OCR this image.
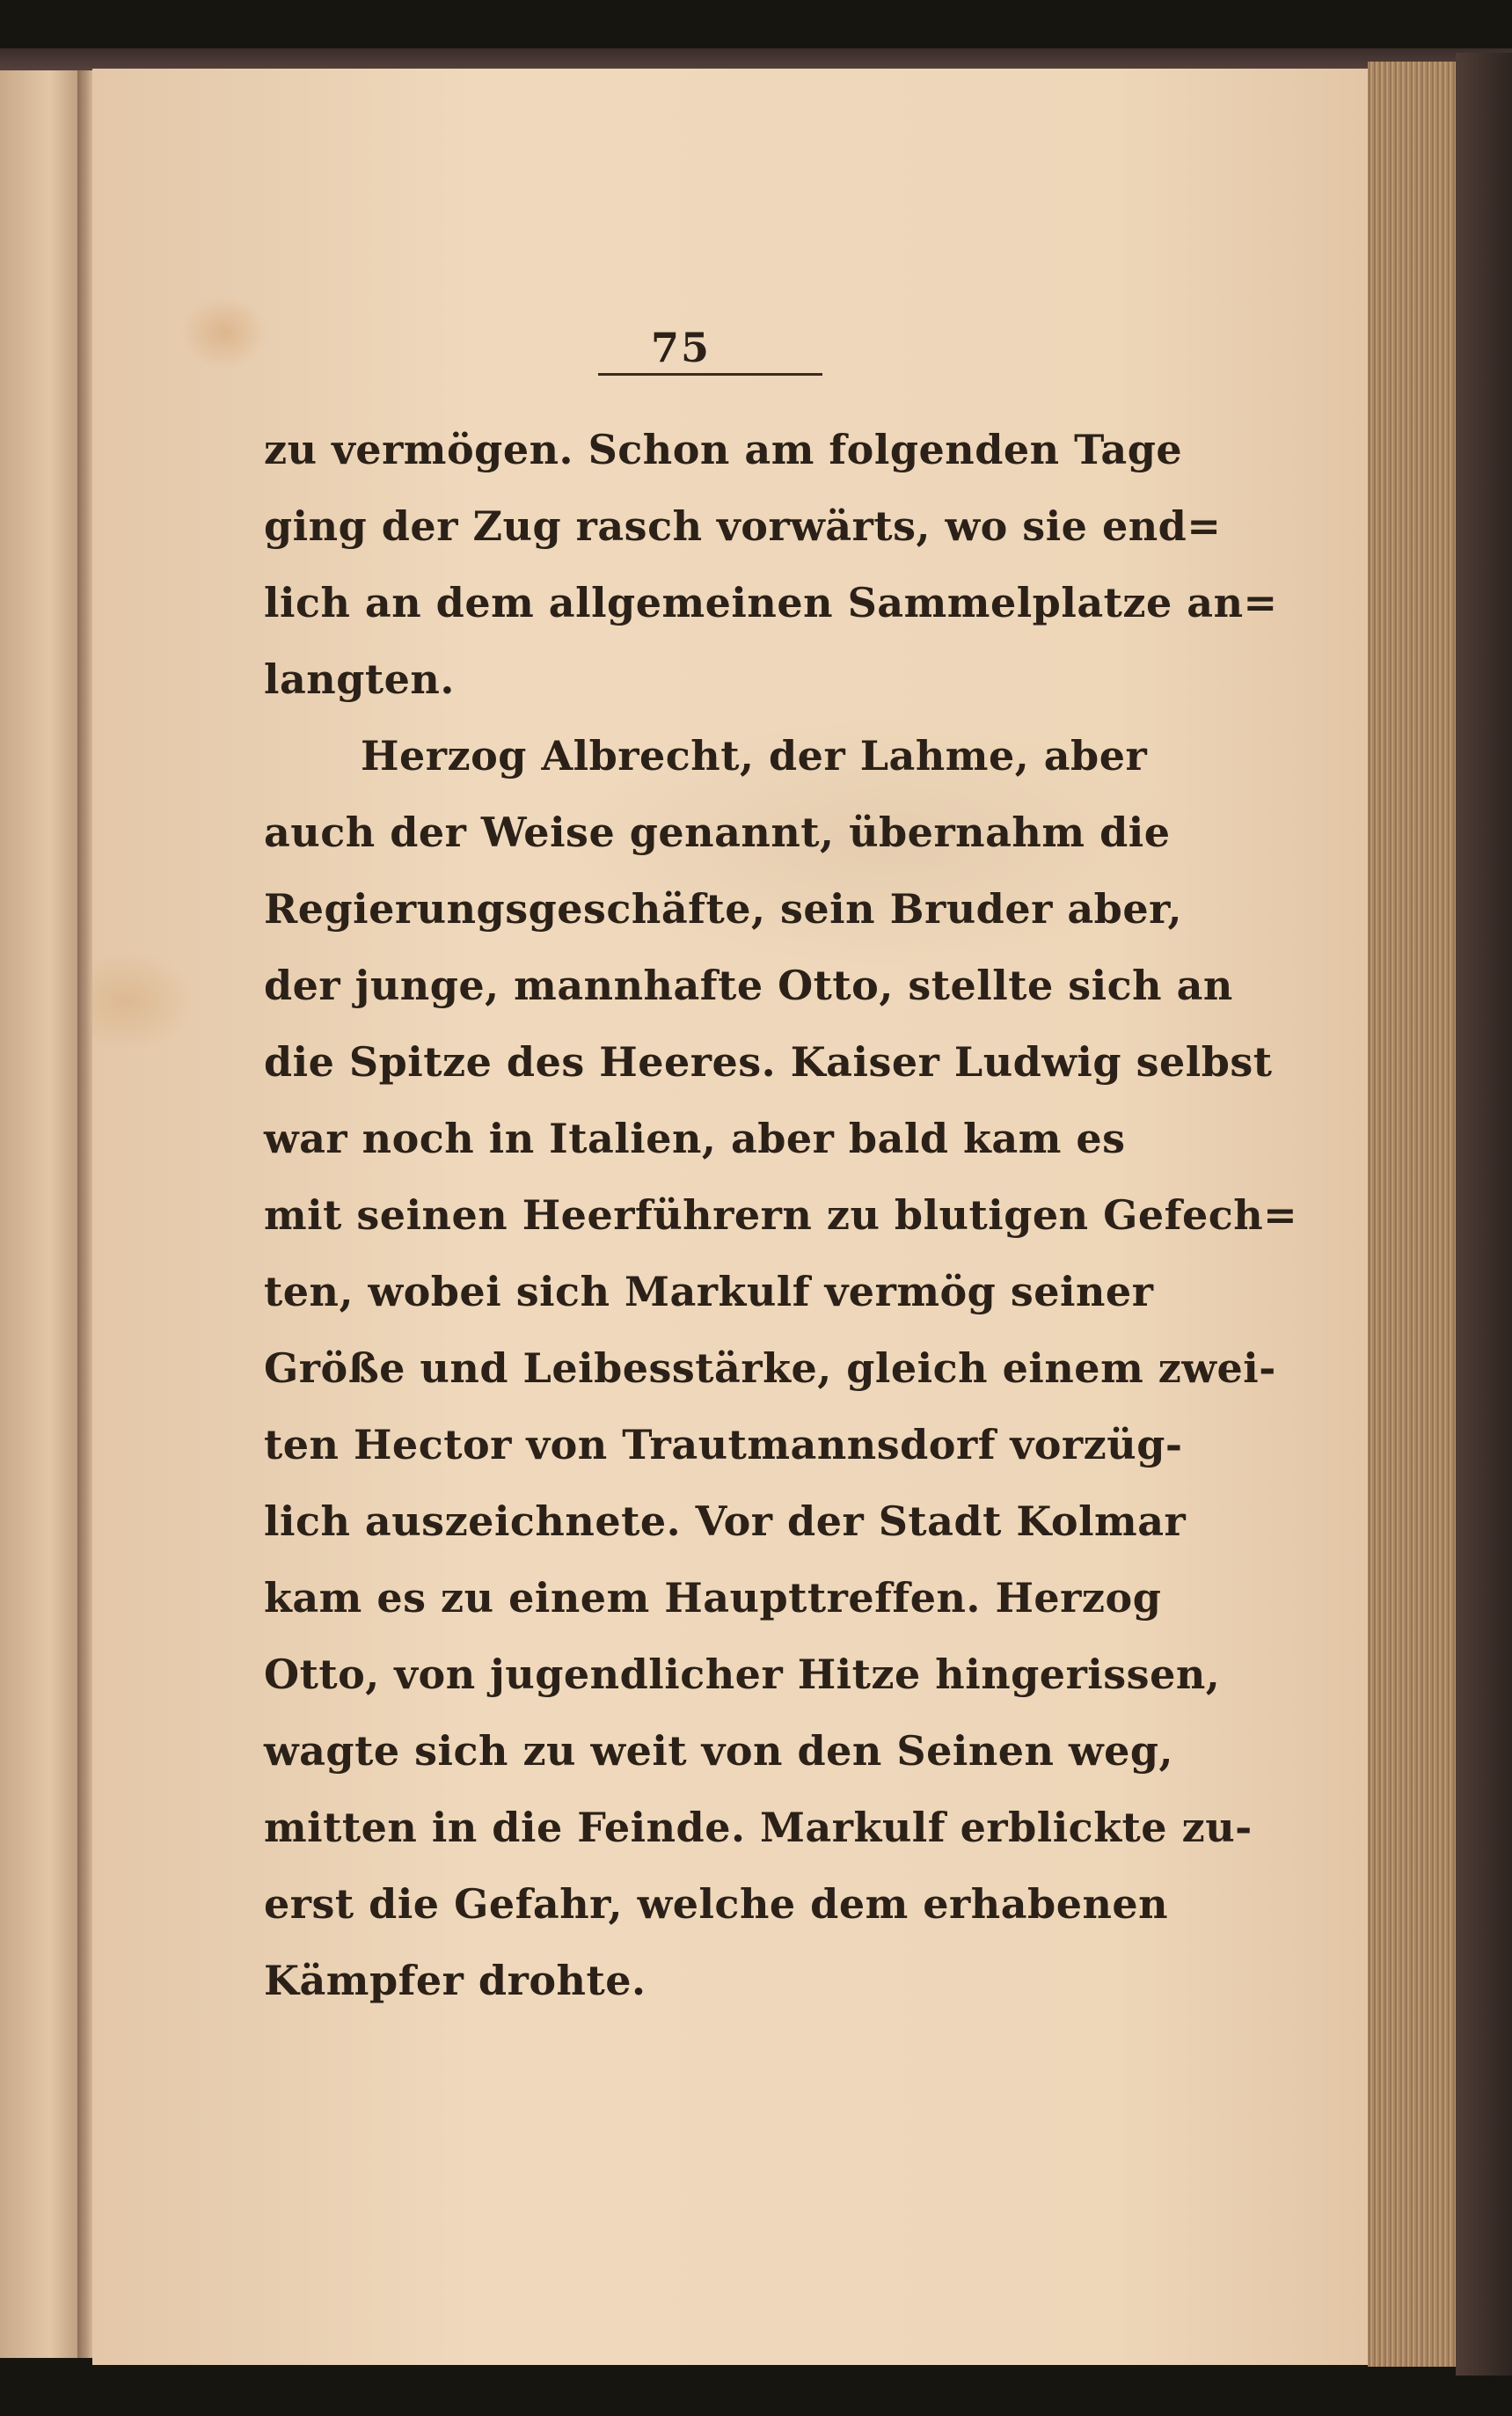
75
zu vermögen. Schon am folgenden Tage
ging der Zug rasch vorwärts, wo sie end=
lich an dem allgemeinen Sammelplatze an=
langten.
Herzog Albrecht, der Lahme, aber
auch der Weise genannt, übernahm die
Regierungsgeschäfte, sein Bruder aber,
der junge, mannhafte Otto, stellte sich an
die Spitze des Heeres. Kaiser Ludwig selbst
war noch in Italien, aber bald kam es
mit seinen Heerführern zu blutigen Gefech=
ten, wobei sich Markulf vermög seiner
Größe und Leibesstärke, gleich einem zwei-
ten Hector von Trautmannsdorf vorzüg-
lich auszeichnete. Vor der Stadt Kolmar
kam es zu einem Haupttreffen. Herzog
Otto, von jugendlicher Hitze hingerissen,
wagte sich zu weit von den Seinen weg,
mitten in die Feinde. Markulf erblickte zu-
erst die Gefahr, welche dem erhabenen
Kämpfer drohte.
